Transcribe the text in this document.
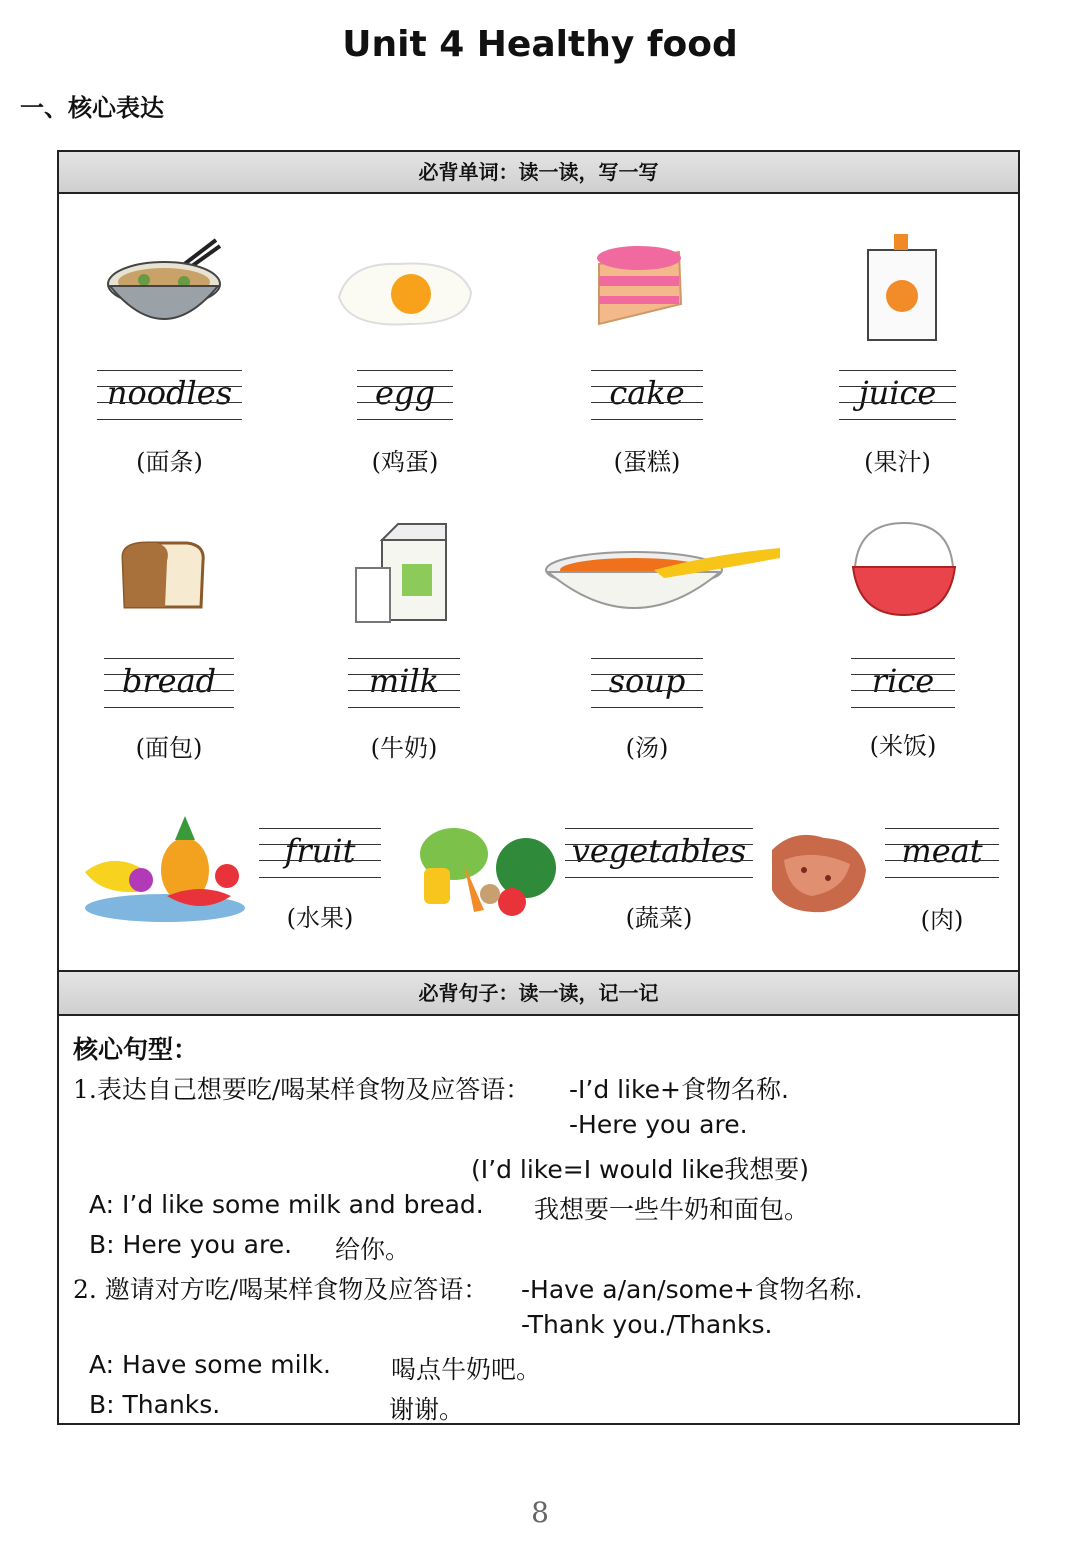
Unit 4 Healthy food
一、核心表达
必背单词：读一读，写一写
noodles	egg	cake	juice
(面条)	(鸡蛋)	(蛋糕)	(果汁)
bread	milk	soup	rice
(面包)	(牛奶)	(汤)	(米饭)
fruit
(水果)
vegetables
(蔬菜)
meat
(肉)
必背句子：读一读，记一记
核心句型：
1.表达自己想要吃/喝某样食物及应答语： -I’d like+食物名称.
-Here you are.
(I’d like=I would like我想要)
A: I’d like some milk and bread. 我想要一些牛奶和面包。
B: Here you are. 给你。
2. 邀请对方吃/喝某样食物及应答语： -Have a/an/some+食物名称.
-Thank you./Thanks.
A: Have some milk. 喝点牛奶吧。
B: Thanks.	谢谢。
8
